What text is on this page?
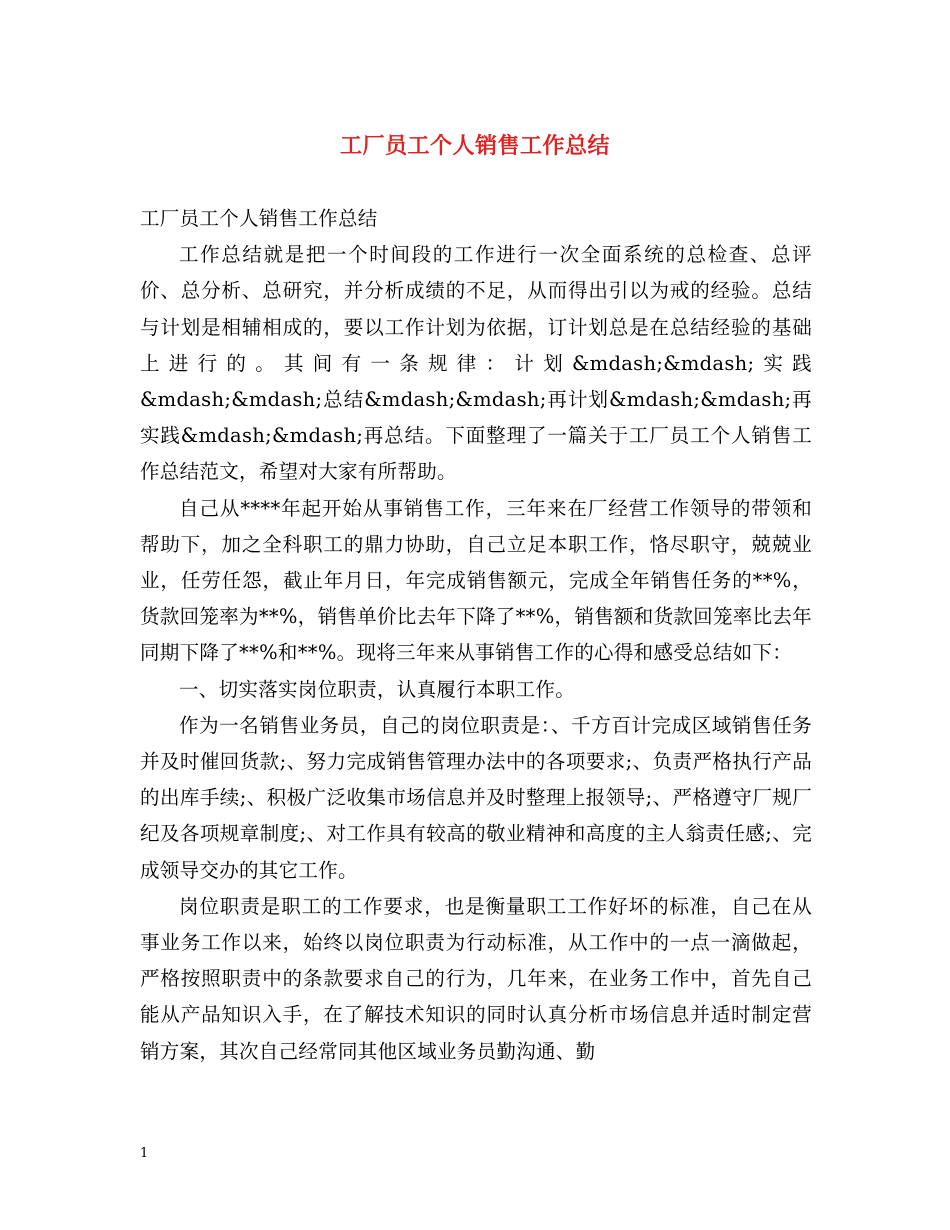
工厂员工个人销售工作总结

工厂员工个人销售工作总结

工作总结就是把一个时间段的工作进行一次全面系统的总检查、总评价、总分析、总研究，并分析成绩的不足，从而得出引以为戒的经验。总结与计划是相辅相成的，要以工作计划为依据，订计划总是在总结经验的基础上进行的。其间有一条规律：计划&mdash;&mdash;实践&mdash;&mdash;总结&mdash;&mdash;再计划&mdash;&mdash;再实践&mdash;&mdash;再总结。下面整理了一篇关于工厂员工个人销售工作总结范文，希望对大家有所帮助。

自己从****年起开始从事销售工作，三年来在厂经营工作领导的带领和帮助下，加之全科职工的鼎力协助，自己立足本职工作，恪尽职守，兢兢业业，任劳任怨，截止年月日，年完成销售额元，完成全年销售任务的**%，货款回笼率为**%，销售单价比去年下降了**%，销售额和货款回笼率比去年同期下降了**%和**%。现将三年来从事销售工作的心得和感受总结如下：

一、切实落实岗位职责，认真履行本职工作。

作为一名销售业务员，自己的岗位职责是：、千方百计完成区域销售任务并及时催回货款;、努力完成销售管理办法中的各项要求;、负责严格执行产品的出库手续;、积极广泛收集市场信息并及时整理上报领导;、严格遵守厂规厂纪及各项规章制度;、对工作具有较高的敬业精神和高度的主人翁责任感;、完成领导交办的其它工作。

岗位职责是职工的工作要求，也是衡量职工工作好坏的标准，自己在从事业务工作以来，始终以岗位职责为行动标准，从工作中的一点一滴做起，严格按照职责中的条款要求自己的行为，几年来，在业务工作中，首先自己能从产品知识入手，在了解技术知识的同时认真分析市场信息并适时制定营销方案，其次自己经常同其他区域业务员勤沟通、勤

1
